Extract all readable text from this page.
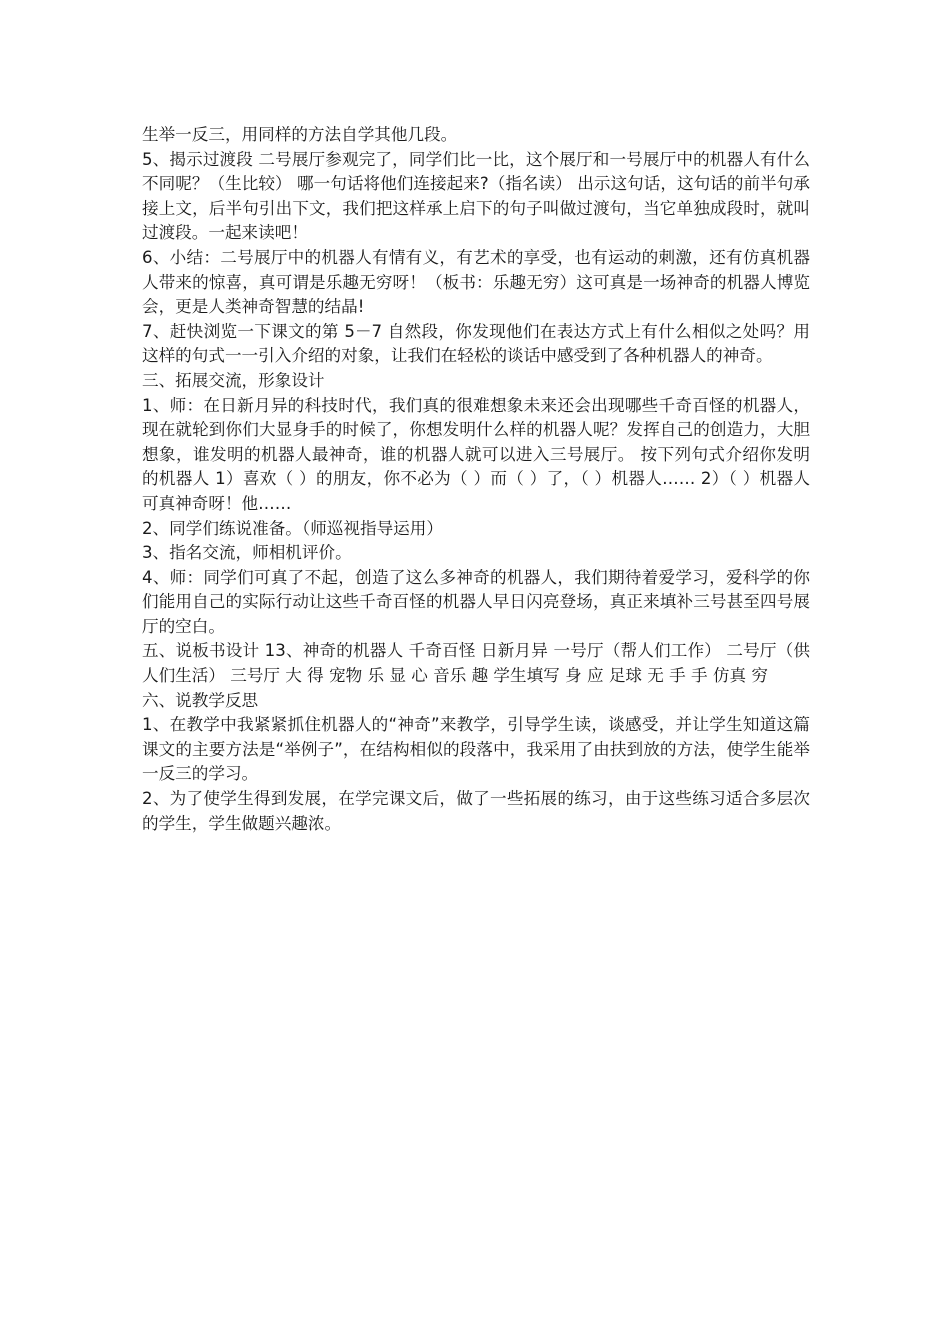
生举一反三，用同样的方法自学其他几段。

5、揭示过渡段 二号展厅参观完了，同学们比一比，这个展厅和一号展厅中的机器人有什么不同呢？（生比较） 哪一句话将他们连接起来?（指名读） 出示这句话，这句话的前半句承接上文，后半句引出下文，我们把这样承上启下的句子叫做过渡句，当它单独成段时，就叫过渡段。一起来读吧！

6、小结：二号展厅中的机器人有情有义，有艺术的享受，也有运动的刺激，还有仿真机器人带来的惊喜，真可谓是乐趣无穷呀！（板书：乐趣无穷）这可真是一场神奇的机器人博览会，更是人类神奇智慧的结晶!

7、赶快浏览一下课文的第 5－7 自然段，你发现他们在表达方式上有什么相似之处吗？用这样的句式一一引入介绍的对象，让我们在轻松的谈话中感受到了各种机器人的神奇。

三、拓展交流，形象设计

1、师：在日新月异的科技时代，我们真的很难想象未来还会出现哪些千奇百怪的机器人，现在就轮到你们大显身手的时候了，你想发明什么样的机器人呢？发挥自己的创造力，大胆想象，谁发明的机器人最神奇，谁的机器人就可以进入三号展厅。 按下列句式介绍你发明的机器人 1）喜欢（ ）的朋友，你不必为（ ）而（ ）了，（ ）机器人…… 2）（ ）机器人可真神奇呀！他……

2、同学们练说准备。（师巡视指导运用）

3、指名交流，师相机评价。

4、师：同学们可真了不起，创造了这么多神奇的机器人，我们期待着爱学习，爱科学的你们能用自己的实际行动让这些千奇百怪的机器人早日闪亮登场，真正来填补三号甚至四号展厅的空白。

五、说板书设计 13、神奇的机器人 千奇百怪 日新月异 一号厅（帮人们工作） 二号厅（供人们生活） 三号厅 大 得 宠物 乐 显 心 音乐 趣 学生填写 身 应 足球 无 手 手 仿真 穷

六、说教学反思

1、在教学中我紧紧抓住机器人的“神奇”来教学，引导学生读，谈感受，并让学生知道这篇课文的主要方法是“举例子”，在结构相似的段落中，我采用了由扶到放的方法，使学生能举一反三的学习。

2、为了使学生得到发展，在学完课文后，做了一些拓展的练习，由于这些练习适合多层次的学生，学生做题兴趣浓。
